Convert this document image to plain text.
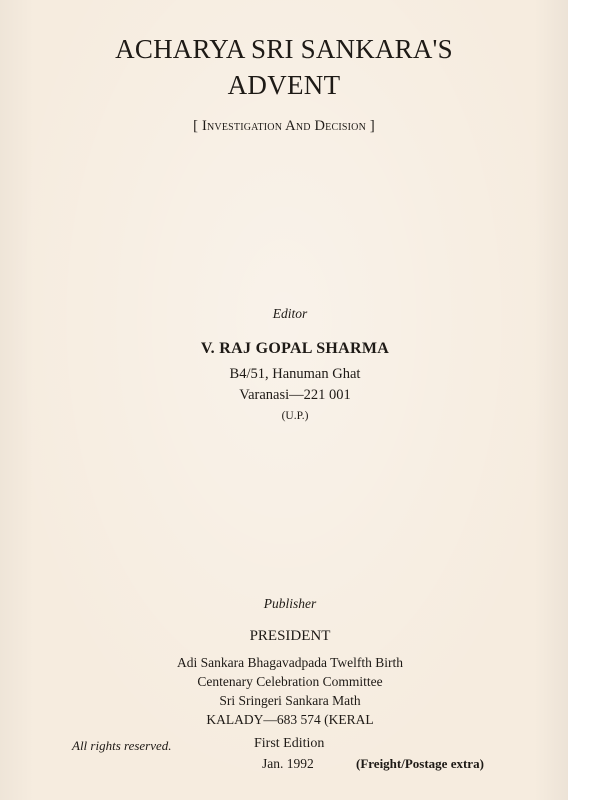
ACHARYA SRI SANKARA'S
ADVENT
[ Investigation And Decision ]
Editor
V. RAJ GOPAL SHARMA
B4/51, Hanuman Ghat
Varanasi—221 001
(U.P.)
Publisher
PRESIDENT
Adi Sankara Bhagavadpada Twelfth Birth
Centenary Celebration Committee
Sri Sringeri Sankara Math
KALADY—683 574 (KERAL
All rights reserved.	First Edition
Jan. 1992	(Freight/Postage extra)
